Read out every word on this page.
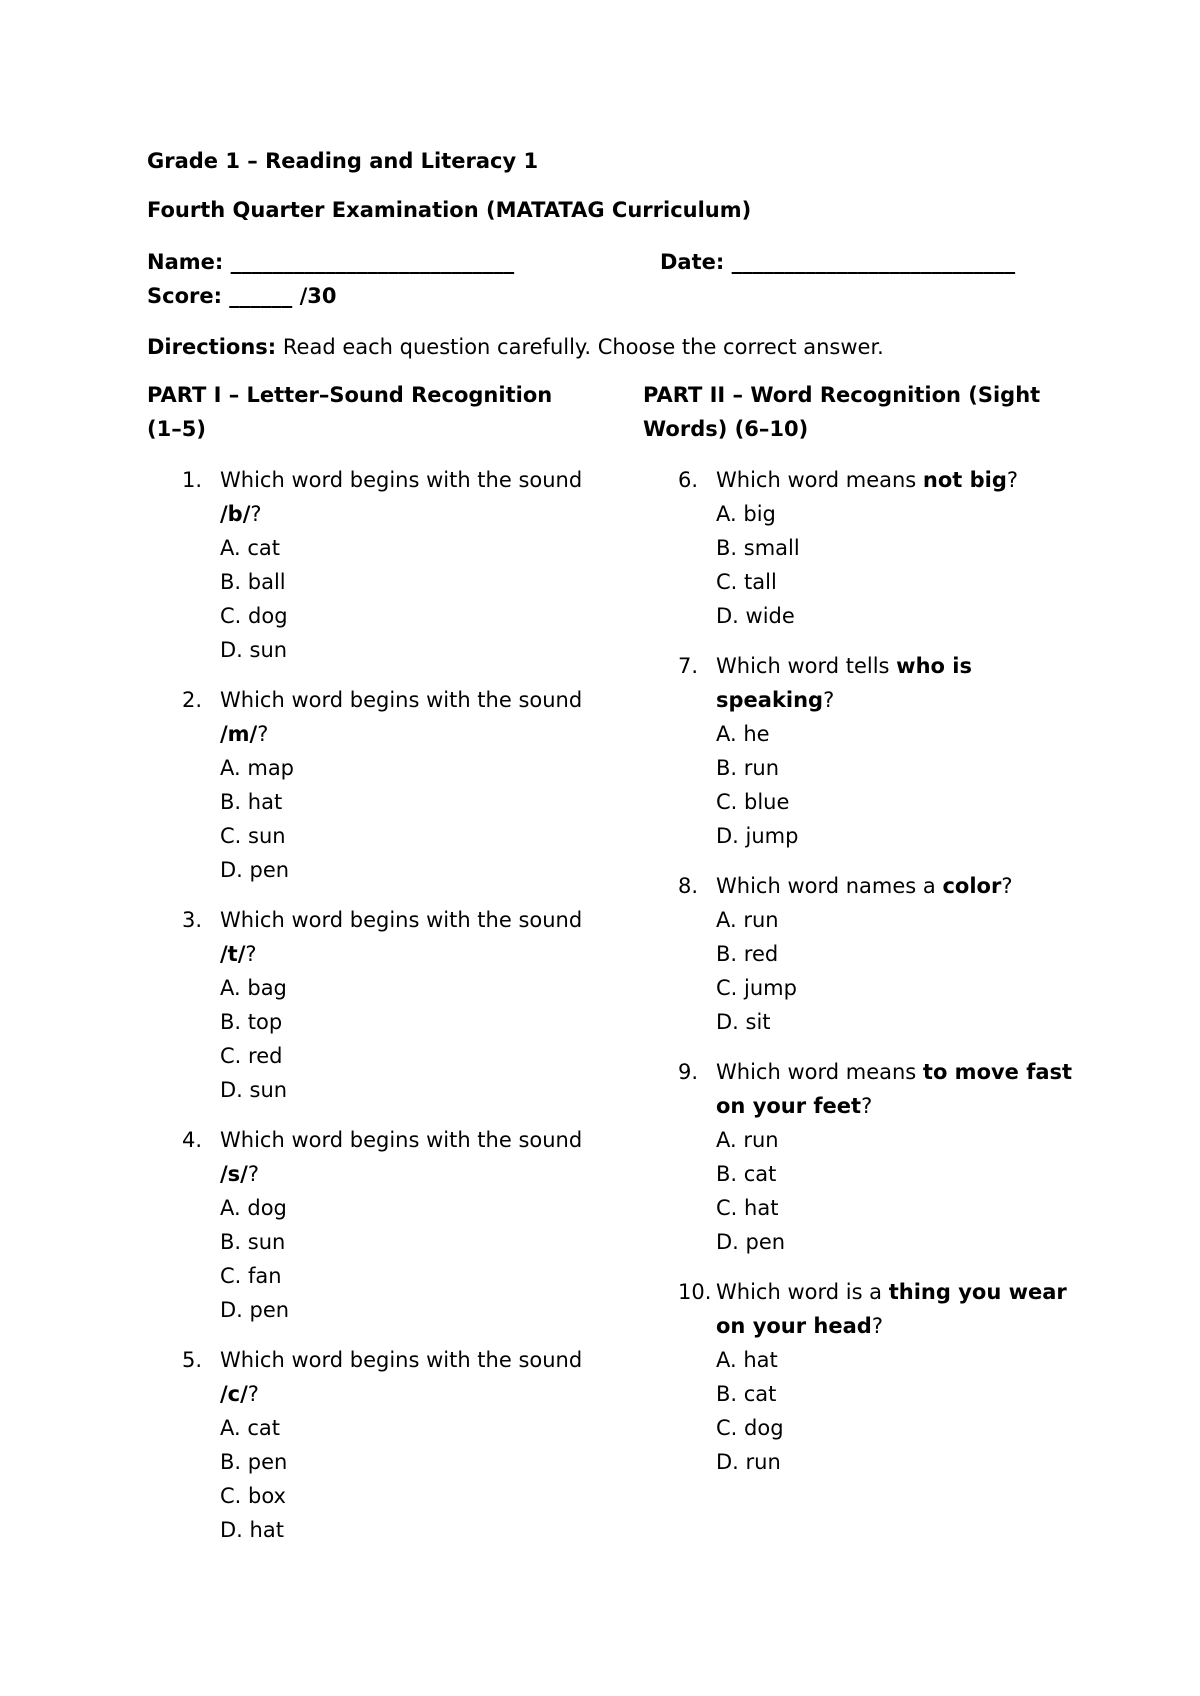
Grade 1 – Reading and Literacy 1
Fourth Quarter Examination (MATATAG Curriculum)
Name: ___________________________	Date: ___________________________
Score: ______ /30
Directions: Read each question carefully. Choose the correct answer.
PART I – Letter–Sound Recognition (1–5)
1. Which word begins with the sound /b/?
A. cat
B. ball
C. dog
D. sun
2. Which word begins with the sound /m/?
A. map
B. hat
C. sun
D. pen
3. Which word begins with the sound /t/?
A. bag
B. top
C. red
D. sun
4. Which word begins with the sound /s/?
A. dog
B. sun
C. fan
D. pen
5. Which word begins with the sound /c/?
A. cat
B. pen
C. box
D. hat
PART II – Word Recognition (Sight Words) (6–10)
6. Which word means not big?
A. big
B. small
C. tall
D. wide
7. Which word tells who is speaking?
A. he
B. run
C. blue
D. jump
8. Which word names a color?
A. run
B. red
C. jump
D. sit
9. Which word means to move fast on your feet?
A. run
B. cat
C. hat
D. pen
10. Which word is a thing you wear on your head?
A. hat
B. cat
C. dog
D. run
